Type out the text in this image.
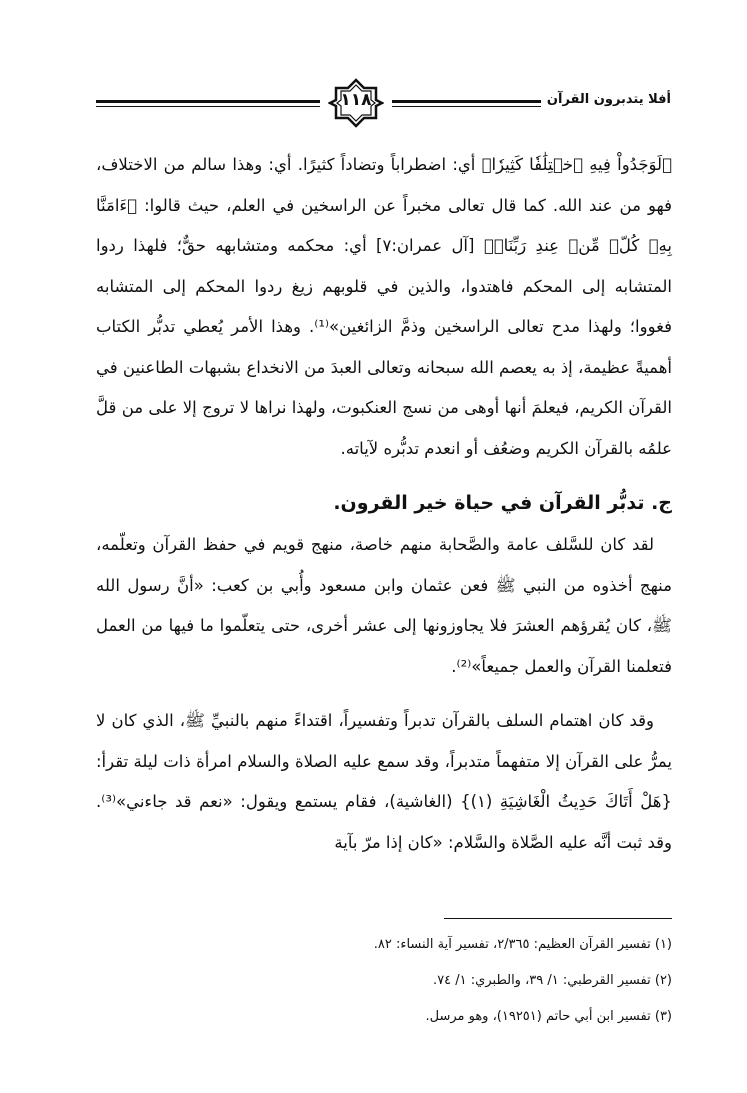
أفلا يتدبرون القرآن
١١٨

﴿لَوَجَدُواْ فِيهِ ٱخۡتِلَٰفٗا كَثِيرٗا﴾ أي: اضطراباً وتضاداً كثيرًا. أي: وهذا سالم من الاختلاف، فهو من عند الله. كما قال تعالى مخبراً عن الراسخين في العلم، حيث قالوا: ﴿ءَامَنَّا بِهِۦ كُلّٞ مِّنۡ عِندِ رَبِّنَاۗ﴾ [آل عمران:٧] أي: محكمه ومتشابهه حقٌّ؛ فلهذا ردوا المتشابه إلى المحكم فاهتدوا، والذين في قلوبهم زيغ ردوا المحكم إلى المتشابه فغووا؛ ولهذا مدح تعالى الراسخين وذمَّ الزائغين»⁽¹⁾. وهذا الأمر يُعطي تدبُّر الكتاب أهميةً عظيمة، إذ به يعصم الله سبحانه وتعالى العبدَ من الانخداع بشبهات الطاعنين في القرآن الكريم، فيعلمَ أنها أوهى من نسج العنكبوت، ولهذا نراها لا تروج إلا على من قلَّ علمُه بالقرآن الكريم وضعُف أو انعدم تدبُّره لآياته.

ج. تدبُّر القرآن في حياة خير القرون.

لقد كان للسَّلف عامة والصَّحابة منهم خاصة، منهج قويم في حفظ القرآن وتعلّمه، منهج أخذوه من النبي ﷺ فعن عثمان وابن مسعود وأُبي بن كعب: «أنَّ رسول الله ﷺ، كان يُقرؤهم العشرَ فلا يجاوزونها إلى عشر أخرى، حتى يتعلّموا ما فيها من العمل فتعلمنا القرآن والعمل جميعاً»⁽²⁾.

وقد كان اهتمام السلف بالقرآن تدبراً وتفسيراً، اقتداءً منهم بالنبيِّ ﷺ، الذي كان لا يمرُّ على القرآن إلا متفهماً متدبراً، وقد سمع عليه الصلاة والسلام امرأة ذات ليلة تقرأ: {هَلْ أَتَاكَ حَدِيثُ الْغَاشِيَةِ (١)} (الغاشية)، فقام يستمع ويقول: «نعم قد جاءني»⁽³⁾. وقد ثبت أنَّه عليه الصَّلاة والسَّلام: «كان إذا مرّ بآية

(١) تفسير القرآن العظيم: ٢/٣٦٥، تفسير آية النساء: ٨٢.

(٢) تفسير القرطبي: ١/ ٣٩، والطبري: ١/ ٧٤.

(٣) تفسير ابن أبي حاتم (١٩٢٥١)، وهو مرسل.
